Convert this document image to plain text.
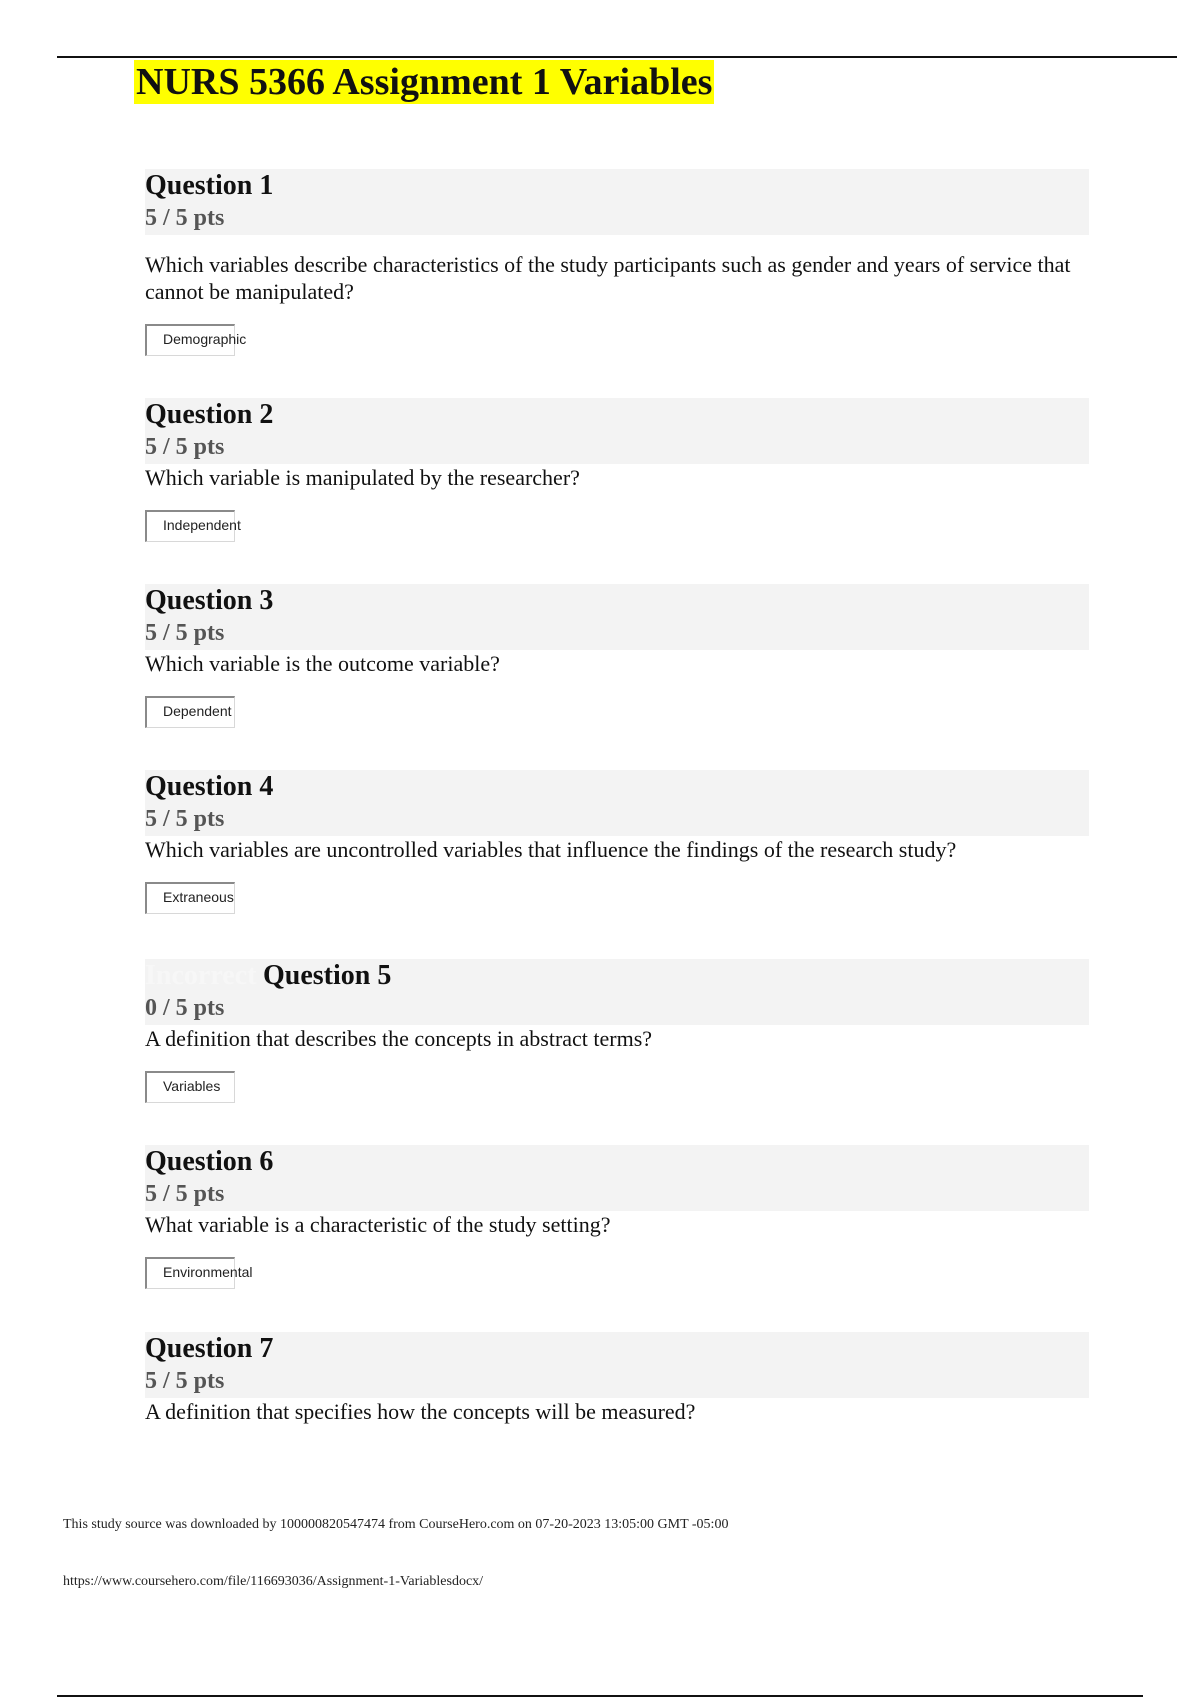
NURS 5366 Assignment 1 Variables
Question 1
5 / 5 pts

Which variables describe characteristics of the study participants such as gender and years of service that cannot be manipulated?

Demographic
Question 2
5 / 5 pts

Which variable is manipulated by the researcher?

Independent
Question 3
5 / 5 pts

Which variable is the outcome variable?

Dependent
Question 4
5 / 5 pts

Which variables are uncontrolled variables that influence the findings of the research study?

Extraneous
Incorrect Question 5
0 / 5 pts

A definition that describes the concepts in abstract terms?

Variables
Question 6
5 / 5 pts

What variable is a characteristic of the study setting?

Environmental
Question 7
5 / 5 pts

A definition that specifies how the concepts will be measured?

This study source was downloaded by 100000820547474 from CourseHero.com on 07-20-2023 13:05:00 GMT -05:00
https://www.coursehero.com/file/116693036/Assignment-1-Variablesdocx/
